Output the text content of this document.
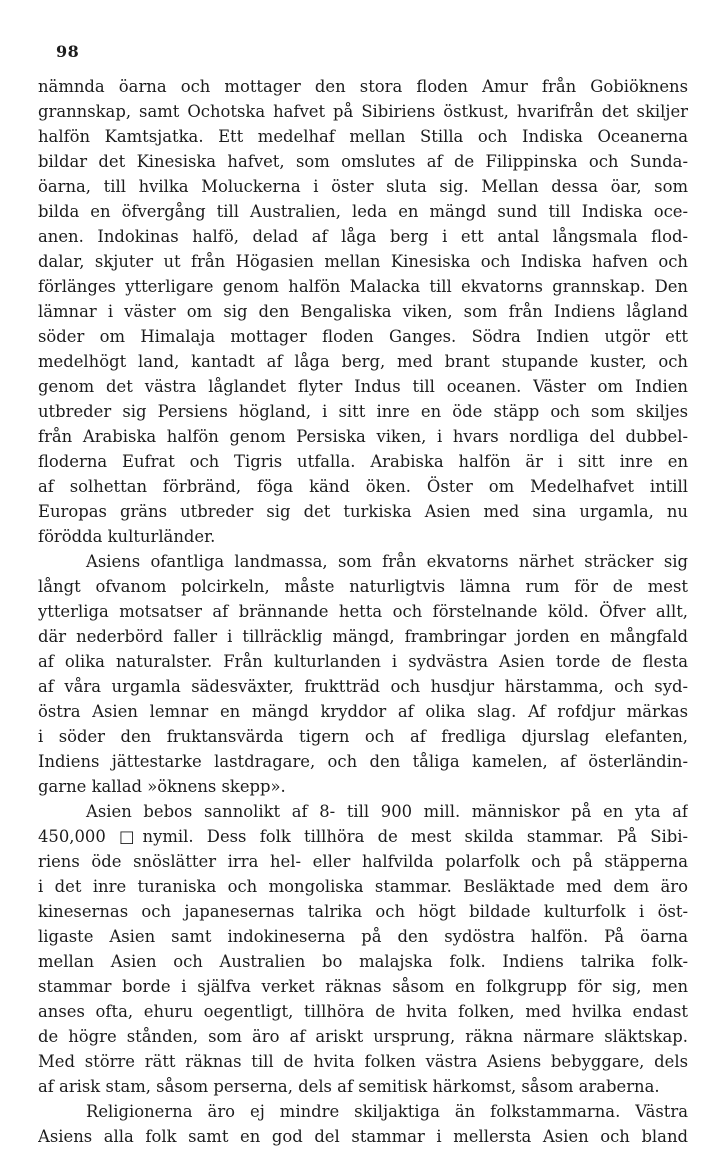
98
nämnda öarna och mottager den stora floden Amur från Gobiöknens
grannskap, samt Ochotska hafvet på Sibiriens östkust, hvarifrån det skiljer
halfön Kamtsjatka. Ett medelhaf mellan Stilla och Indiska Oceanerna
bildar det Kinesiska hafvet, som omslutes af de Filippinska och Sunda-
öarna, till hvilka Moluckerna i öster sluta sig. Mellan dessa öar, som
bilda en öfvergång till Australien, leda en mängd sund till Indiska oce-
anen. Indokinas halfö, delad af låga berg i ett antal långsmala flod-
dalar, skjuter ut från Högasien mellan Kinesiska och Indiska hafven och
förlänges ytterligare genom halfön Malacka till ekvatorns grannskap. Den
lämnar i väster om sig den Bengaliska viken, som från Indiens lågland
söder om Himalaja mottager floden Ganges. Södra Indien utgör ett
medelhögt land, kantadt af låga berg, med brant stupande kuster, och
genom det västra låglandet flyter Indus till oceanen. Väster om Indien
utbreder sig Persiens högland, i sitt inre en öde stäpp och som skiljes
från Arabiska halfön genom Persiska viken, i hvars nordliga del dubbel-
floderna Eufrat och Tigris utfalla. Arabiska halfön är i sitt inre en
af solhettan förbränd, föga känd öken. Öster om Medelhafvet intill
Europas gräns utbreder sig det turkiska Asien med sina urgamla, nu
förödda kulturländer.
Asiens ofantliga landmassa, som från ekvatorns närhet sträcker sig
långt ofvanom polcirkeln, måste naturligtvis lämna rum för de mest
ytterliga motsatser af brännande hetta och förstelnande köld. Öfver allt,
där nederbörd faller i tillräcklig mängd, frambringar jorden en mångfald
af olika naturalster. Från kulturlanden i sydvästra Asien torde de flesta
af våra urgamla sädesväxter, fruktträd och husdjur härstamma, och syd-
östra Asien lemnar en mängd kryddor af olika slag. Af rofdjur märkas
i söder den fruktansvärda tigern och af fredliga djurslag elefanten,
Indiens jättestarke lastdragare, och den tåliga kamelen, af österländin-
garne kallad »öknens skepp».
Asien bebos sannolikt af 8- till 900 mill. människor på en yta af
450,000 □nymil. Dess folk tillhöra de mest skilda stammar. På Sibi-
riens öde snöslätter irra hel- eller halfvilda polarfolk och på stäpperna
i det inre turaniska och mongoliska stammar. Besläktade med dem äro
kinesernas och japanesernas talrika och högt bildade kulturfolk i öst-
ligaste Asien samt indokineserna på den sydöstra halfön. På öarna
mellan Asien och Australien bo malajska folk. Indiens talrika folk-
stammar borde i själfva verket räknas såsom en folkgrupp för sig, men
anses ofta, ehuru oegentligt, tillhöra de hvita folken, med hvilka endast
de högre stånden, som äro af ariskt ursprung, räkna närmare släktskap.
Med större rätt räknas till de hvita folken västra Asiens bebyggare, dels
af arisk stam, såsom perserna, dels af semitisk härkomst, såsom araberna.
Religionerna äro ej mindre skiljaktiga än folkstammarna. Västra
Asiens alla folk samt en god del stammar i mellersta Asien och bland
